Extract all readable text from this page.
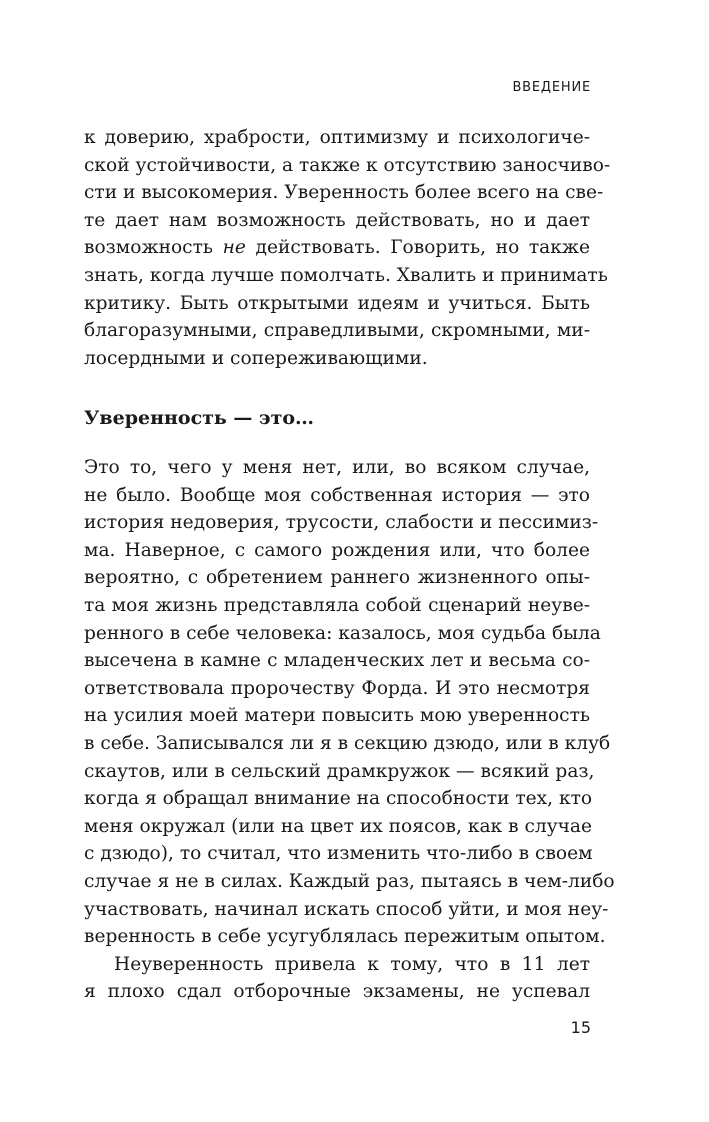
ВВЕДЕНИЕ
к доверию, храбрости, оптимизму и психологиче-
ской устойчивости, а также к отсутствию заносчиво-
сти и высокомерия. Уверенность более всего на све-
те дает нам возможность действовать, но и дает
возможность не действовать. Говорить, но также
знать, когда лучше помолчать. Хвалить и принимать
критику. Быть открытыми идеям и учиться. Быть
благоразумными, справедливыми, скромными, ми-
лосердными и сопереживающими.
Уверенность — это…
Это то, чего у меня нет, или, во всяком случае,
не было. Вообще моя собственная история — это
история недоверия, трусости, слабости и пессимиз-
ма. Наверное, с самого рождения или, что более
вероятно, с обретением раннего жизненного опы-
та моя жизнь представляла собой сценарий неуве-
ренного в себе человека: казалось, моя судьба была
высечена в камне с младенческих лет и весьма со-
ответствовала пророчеству Форда. И это несмотря
на усилия моей матери повысить мою уверенность
в себе. Записывался ли я в секцию дзюдо, или в клуб
скаутов, или в сельский драмкружок — всякий раз,
когда я обращал внимание на способности тех, кто
меня окружал (или на цвет их поясов, как в случае
с дзюдо), то считал, что изменить что-либо в своем
случае я не в силах. Каждый раз, пытаясь в чем-либо
участвовать, начинал искать способ уйти, и моя неу-
веренность в себе усугублялась пережитым опытом.
Неуверенность привела к тому, что в 11 лет
я плохо сдал отборочные экзамены, не успевал
15
